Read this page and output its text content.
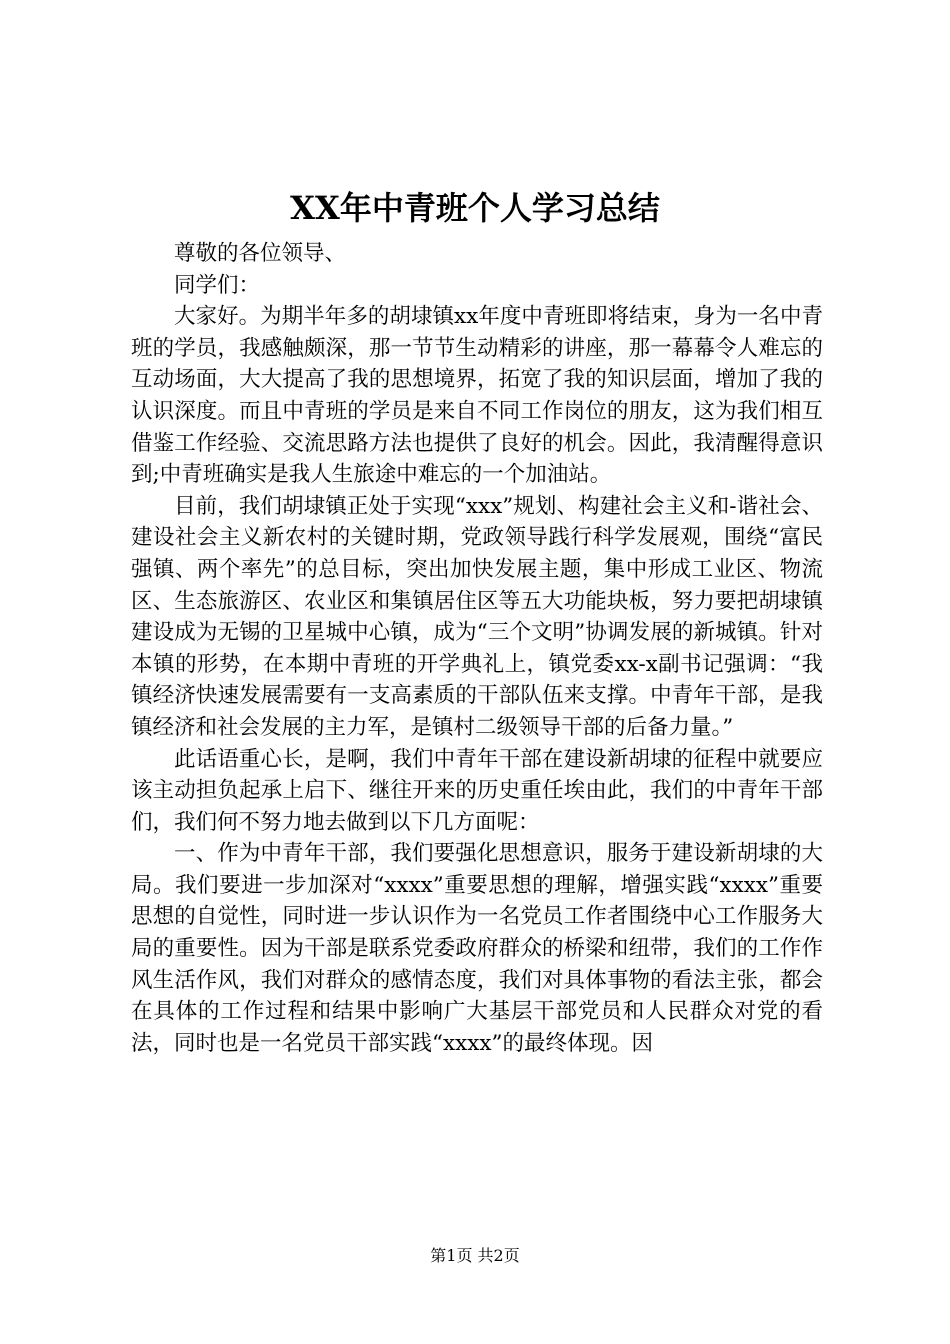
XX年中青班个人学习总结

尊敬的各位领导、

同学们：

大家好。为期半年多的胡埭镇xx年度中青班即将结束，身为一名中青班的学员，我感触颇深，那一节节生动精彩的讲座，那一幕幕令人难忘的互动场面，大大提高了我的思想境界，拓宽了我的知识层面，增加了我的认识深度。而且中青班的学员是来自不同工作岗位的朋友，这为我们相互借鉴工作经验、交流思路方法也提供了良好的机会。因此，我清醒得意识到;中青班确实是我人生旅途中难忘的一个加油站。

目前，我们胡埭镇正处于实现“xxx”规划、构建社会主义和-谐社会、建设社会主义新农村的关键时期，党政领导践行科学发展观，围绕“富民强镇、两个率先”的总目标，突出加快发展主题，集中形成工业区、物流区、生态旅游区、农业区和集镇居住区等五大功能块板，努力要把胡埭镇建设成为无锡的卫星城中心镇，成为“三个文明”协调发展的新城镇。针对本镇的形势，在本期中青班的开学典礼上，镇党委xx-x副书记强调：“我镇经济快速发展需要有一支高素质的干部队伍来支撑。中青年干部，是我镇经济和社会发展的主力军，是镇村二级领导干部的后备力量。”

此话语重心长，是啊，我们中青年干部在建设新胡埭的征程中就要应该主动担负起承上启下、继往开来的历史重任埃由此，我们的中青年干部们，我们何不努力地去做到以下几方面呢：

一、作为中青年干部，我们要强化思想意识，服务于建设新胡埭的大局。我们要进一步加深对“xxxx”重要思想的理解，增强实践“xxxx”重要思想的自觉性，同时进一步认识作为一名党员工作者围绕中心工作服务大局的重要性。因为干部是联系党委政府群众的桥梁和纽带，我们的工作作风生活作风，我们对群众的感情态度，我们对具体事物的看法主张，都会在具体的工作过程和结果中影响广大基层干部党员和人民群众对党的看法，同时也是一名党员干部实践“xxxx”的最终体现。因

第1页 共2页
